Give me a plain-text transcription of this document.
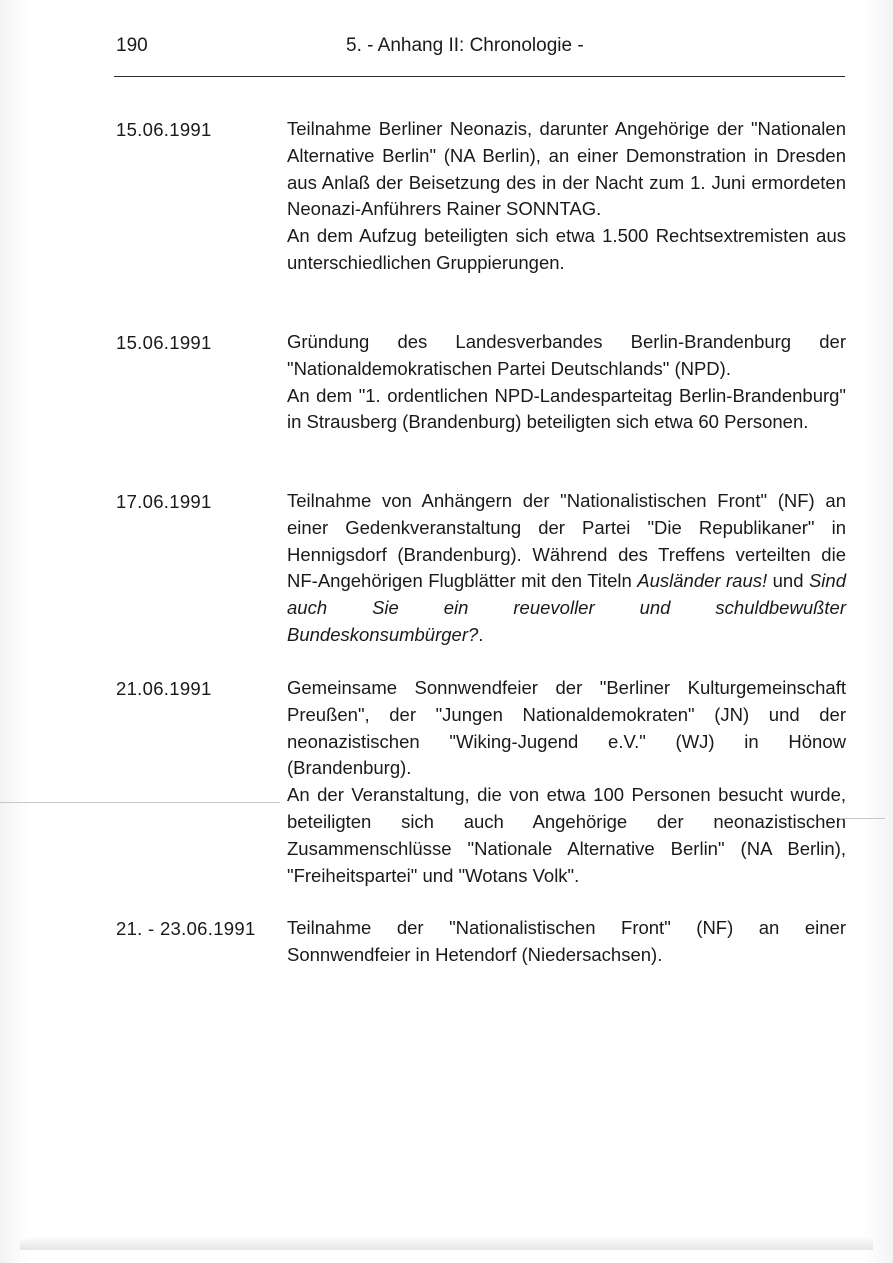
190	5. - Anhang II: Chronologie -
15.06.1991	Teilnahme Berliner Neonazis, darunter Angehörige der "Nationalen Alternative Berlin" (NA Berlin), an einer Demonstration in Dresden aus Anlaß der Beisetzung des in der Nacht zum 1. Juni ermordeten Neonazi-Anführers Rainer SONNTAG.

An dem Aufzug beteiligten sich etwa 1.500 Rechtsextremisten aus unterschiedlichen Gruppierungen.

15.06.1991	Gründung des Landesverbandes Berlin-Brandenburg der "Nationaldemokratischen Partei Deutschlands" (NPD).

An dem "1. ordentlichen NPD-Landesparteitag Berlin-Brandenburg" in Strausberg (Brandenburg) beteiligten sich etwa 60 Personen.

17.06.1991	Teilnahme von Anhängern der "Nationalistischen Front" (NF) an einer Gedenkveranstaltung der Partei "Die Republikaner" in Hennigsdorf (Brandenburg). Während des Treffens verteilten die NF-Angehörigen Flugblätter mit den Titeln Ausländer raus! und Sind auch Sie ein reuevoller und schuldbewußter Bundeskonsumbürger?.

21.06.1991	Gemeinsame Sonnwendfeier der "Berliner Kulturgemeinschaft Preußen", der "Jungen Nationaldemokraten" (JN) und der neonazistischen "Wiking-Jugend e.V." (WJ) in Hönow (Brandenburg).

An der Veranstaltung, die von etwa 100 Personen besucht wurde, beteiligten sich auch Angehörige der neonazistischen Zusammenschlüsse "Nationale Alternative Berlin" (NA Berlin), "Freiheitspartei" und "Wotans Volk".

21. - 23.06.1991 Teilnahme der "Nationalistischen Front" (NF) an einer Sonnwendfeier in Hetendorf (Niedersachsen).
